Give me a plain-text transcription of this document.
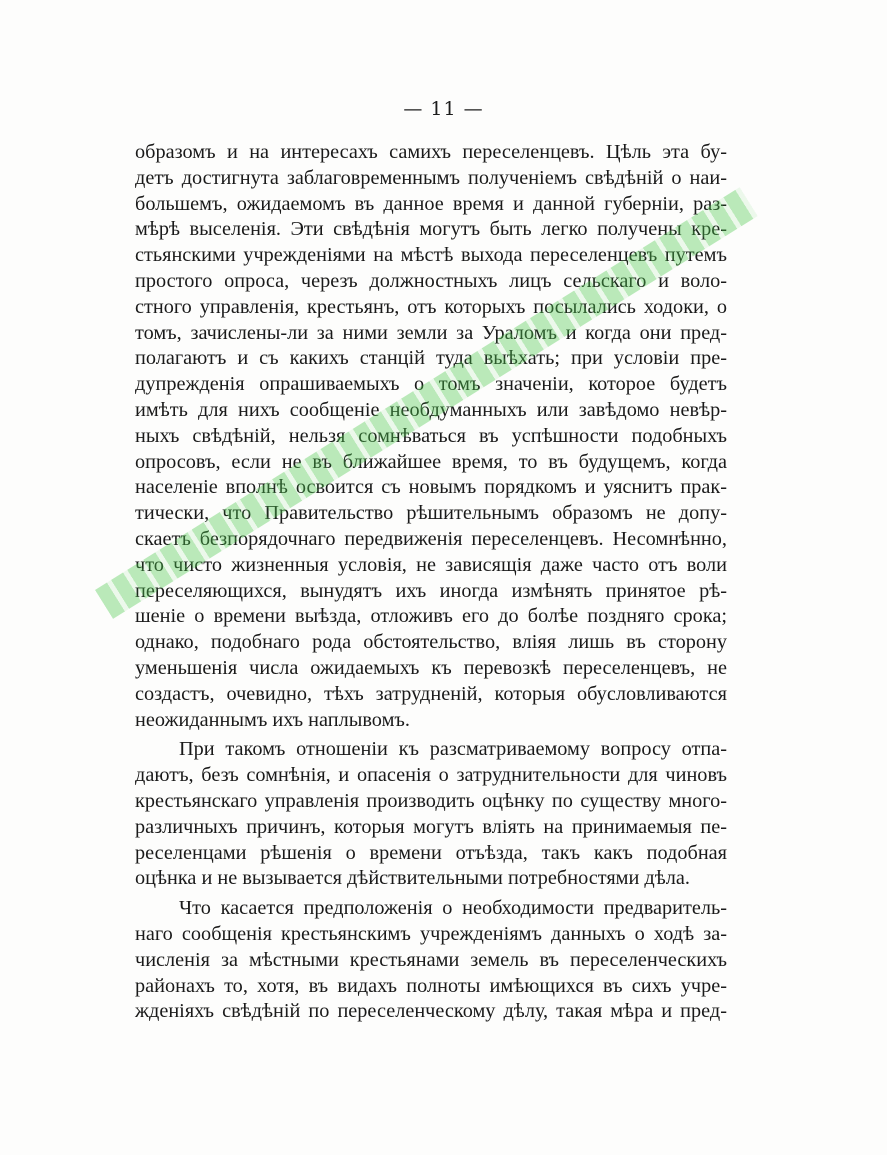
— 11 —
образомъ и на интересахъ самихъ переселенцевъ. Цѣль эта бу-
детъ достигнута заблаговременнымъ полученіемъ свѣдѣній о наи-
большемъ, ожидаемомъ въ данное время и данной губерніи, раз-
мѣрѣ выселенія. Эти свѣдѣнія могутъ быть легко получены кре-
стьянскими учрежденіями на мѣстѣ выхода переселенцевъ путемъ
простого опроса, черезъ должностныхъ лицъ сельскаго и воло-
стного управленія, крестьянъ, отъ которыхъ посылались ходоки, о
томъ, зачислены-ли за ними земли за Ураломъ и когда они пред-
полагаютъ и съ какихъ станцій туда выѣхать; при условіи пре-
дупрежденія опрашиваемыхъ о томъ значеніи, которое будетъ
имѣть для нихъ сообщеніе необдуманныхъ или завѣдомо невѣр-
ныхъ свѣдѣній, нельзя сомнѣваться въ успѣшности подобныхъ
опросовъ, если не въ ближайшее время, то въ будущемъ, когда
населеніе вполнѣ освоится съ новымъ порядкомъ и уяснитъ прак-
тически, что Правительство рѣшительнымъ образомъ не допу-
скаетъ безпорядочнаго передвиженія переселенцевъ. Несомнѣнно,
что чисто жизненныя условія, не зависящія даже часто отъ воли
переселяющихся, вынудятъ ихъ иногда измѣнять принятое рѣ-
шеніе о времени выѣзда, отложивъ его до болѣе поздняго срока;
однако, подобнаго рода обстоятельство, вліяя лишь въ сторону
уменьшенія числа ожидаемыхъ къ перевозкѣ переселенцевъ, не
создастъ, очевидно, тѣхъ затрудненій, которыя обусловливаются
неожиданнымъ ихъ наплывомъ.
При такомъ отношеніи къ разсматриваемому вопросу отпа-
даютъ, безъ сомнѣнія, и опасенія о затруднительности для чиновъ
крестьянскаго управленія производить оцѣнку по существу много-
различныхъ причинъ, которыя могутъ вліять на принимаемыя пе-
реселенцами рѣшенія о времени отъѣзда, такъ какъ подобная
оцѣнка и не вызывается дѣйствительными потребностями дѣла.
Что касается предположенія о необходимости предваритель-
наго сообщенія крестьянскимъ учрежденіямъ данныхъ о ходѣ за-
численія за мѣстными крестьянами земель въ переселенческихъ
районахъ то, хотя, въ видахъ полноты имѣющихся въ сихъ учре-
жденіяхъ свѣдѣній по переселенческому дѣлу, такая мѣра и пред-
